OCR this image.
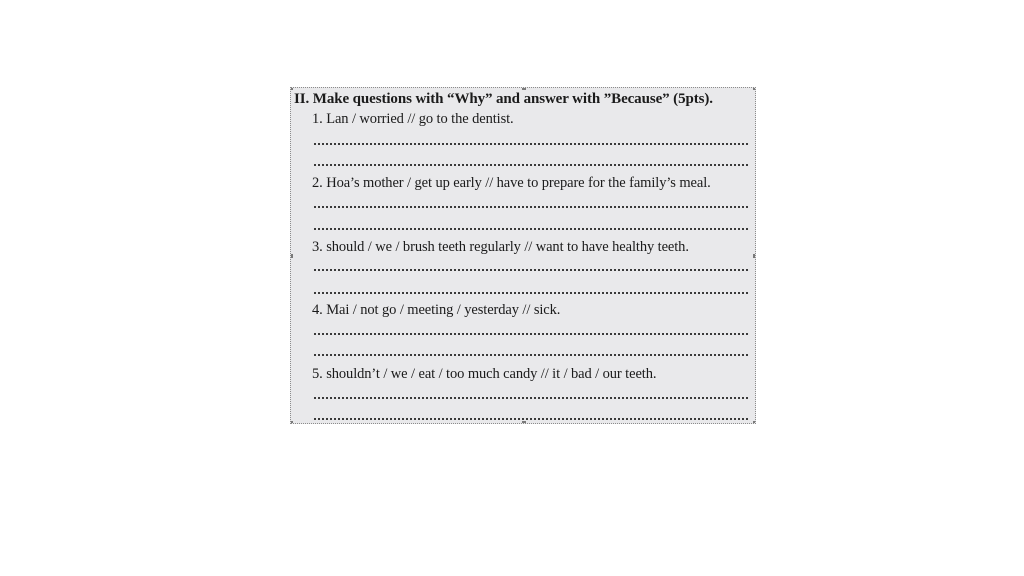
II. Make questions with “Why” and answer with ”Because” (5pts).
1. Lan / worried // go to the dentist.
2. Hoa’s mother / get up early // have to prepare for the family’s meal.
3. should / we / brush teeth regularly // want to have healthy teeth.
4. Mai / not go / meeting / yesterday // sick.
5. shouldn’t / we / eat / too much candy // it / bad / our teeth.
